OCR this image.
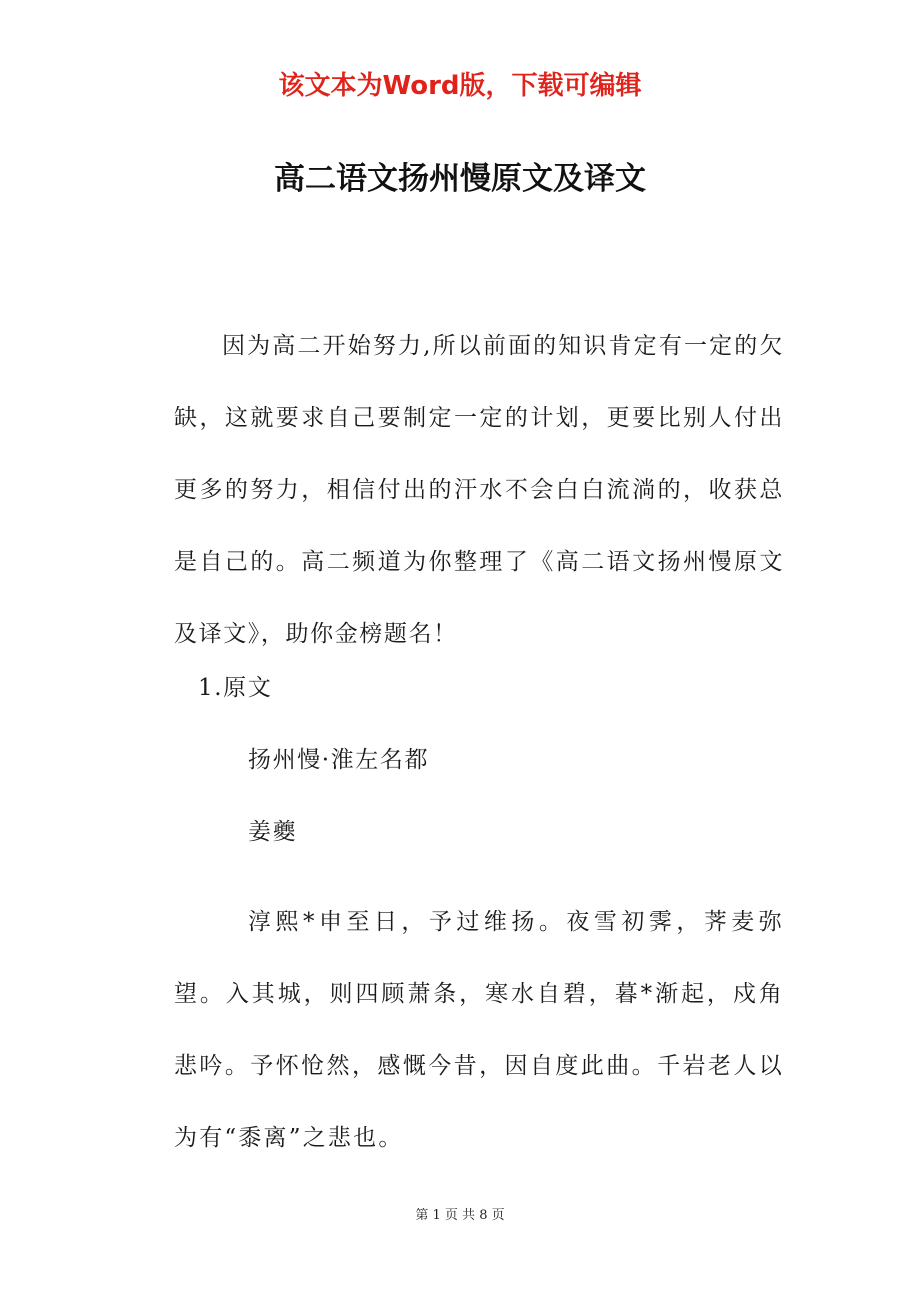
该文本为Word版，下载可编辑
高二语文扬州慢原文及译文

因为高二开始努力,所以前面的知识肯定有一定的欠缺，这就要求自己要制定一定的计划，更要比别人付出更多的努力，相信付出的汗水不会白白流淌的，收获总是自己的。高二频道为你整理了《高二语文扬州慢原文及译文》，助你金榜题名！

1.原文
扬州慢·淮左名都
姜夔

淳熙*申至日，予过维扬。夜雪初霁，荠麦弥望。入其城，则四顾萧条，寒水自碧，暮*渐起，戍角悲吟。予怀怆然，感慨今昔，因自度此曲。千岩老人以为有“黍离”之悲也。

第 1 页 共 8 页
